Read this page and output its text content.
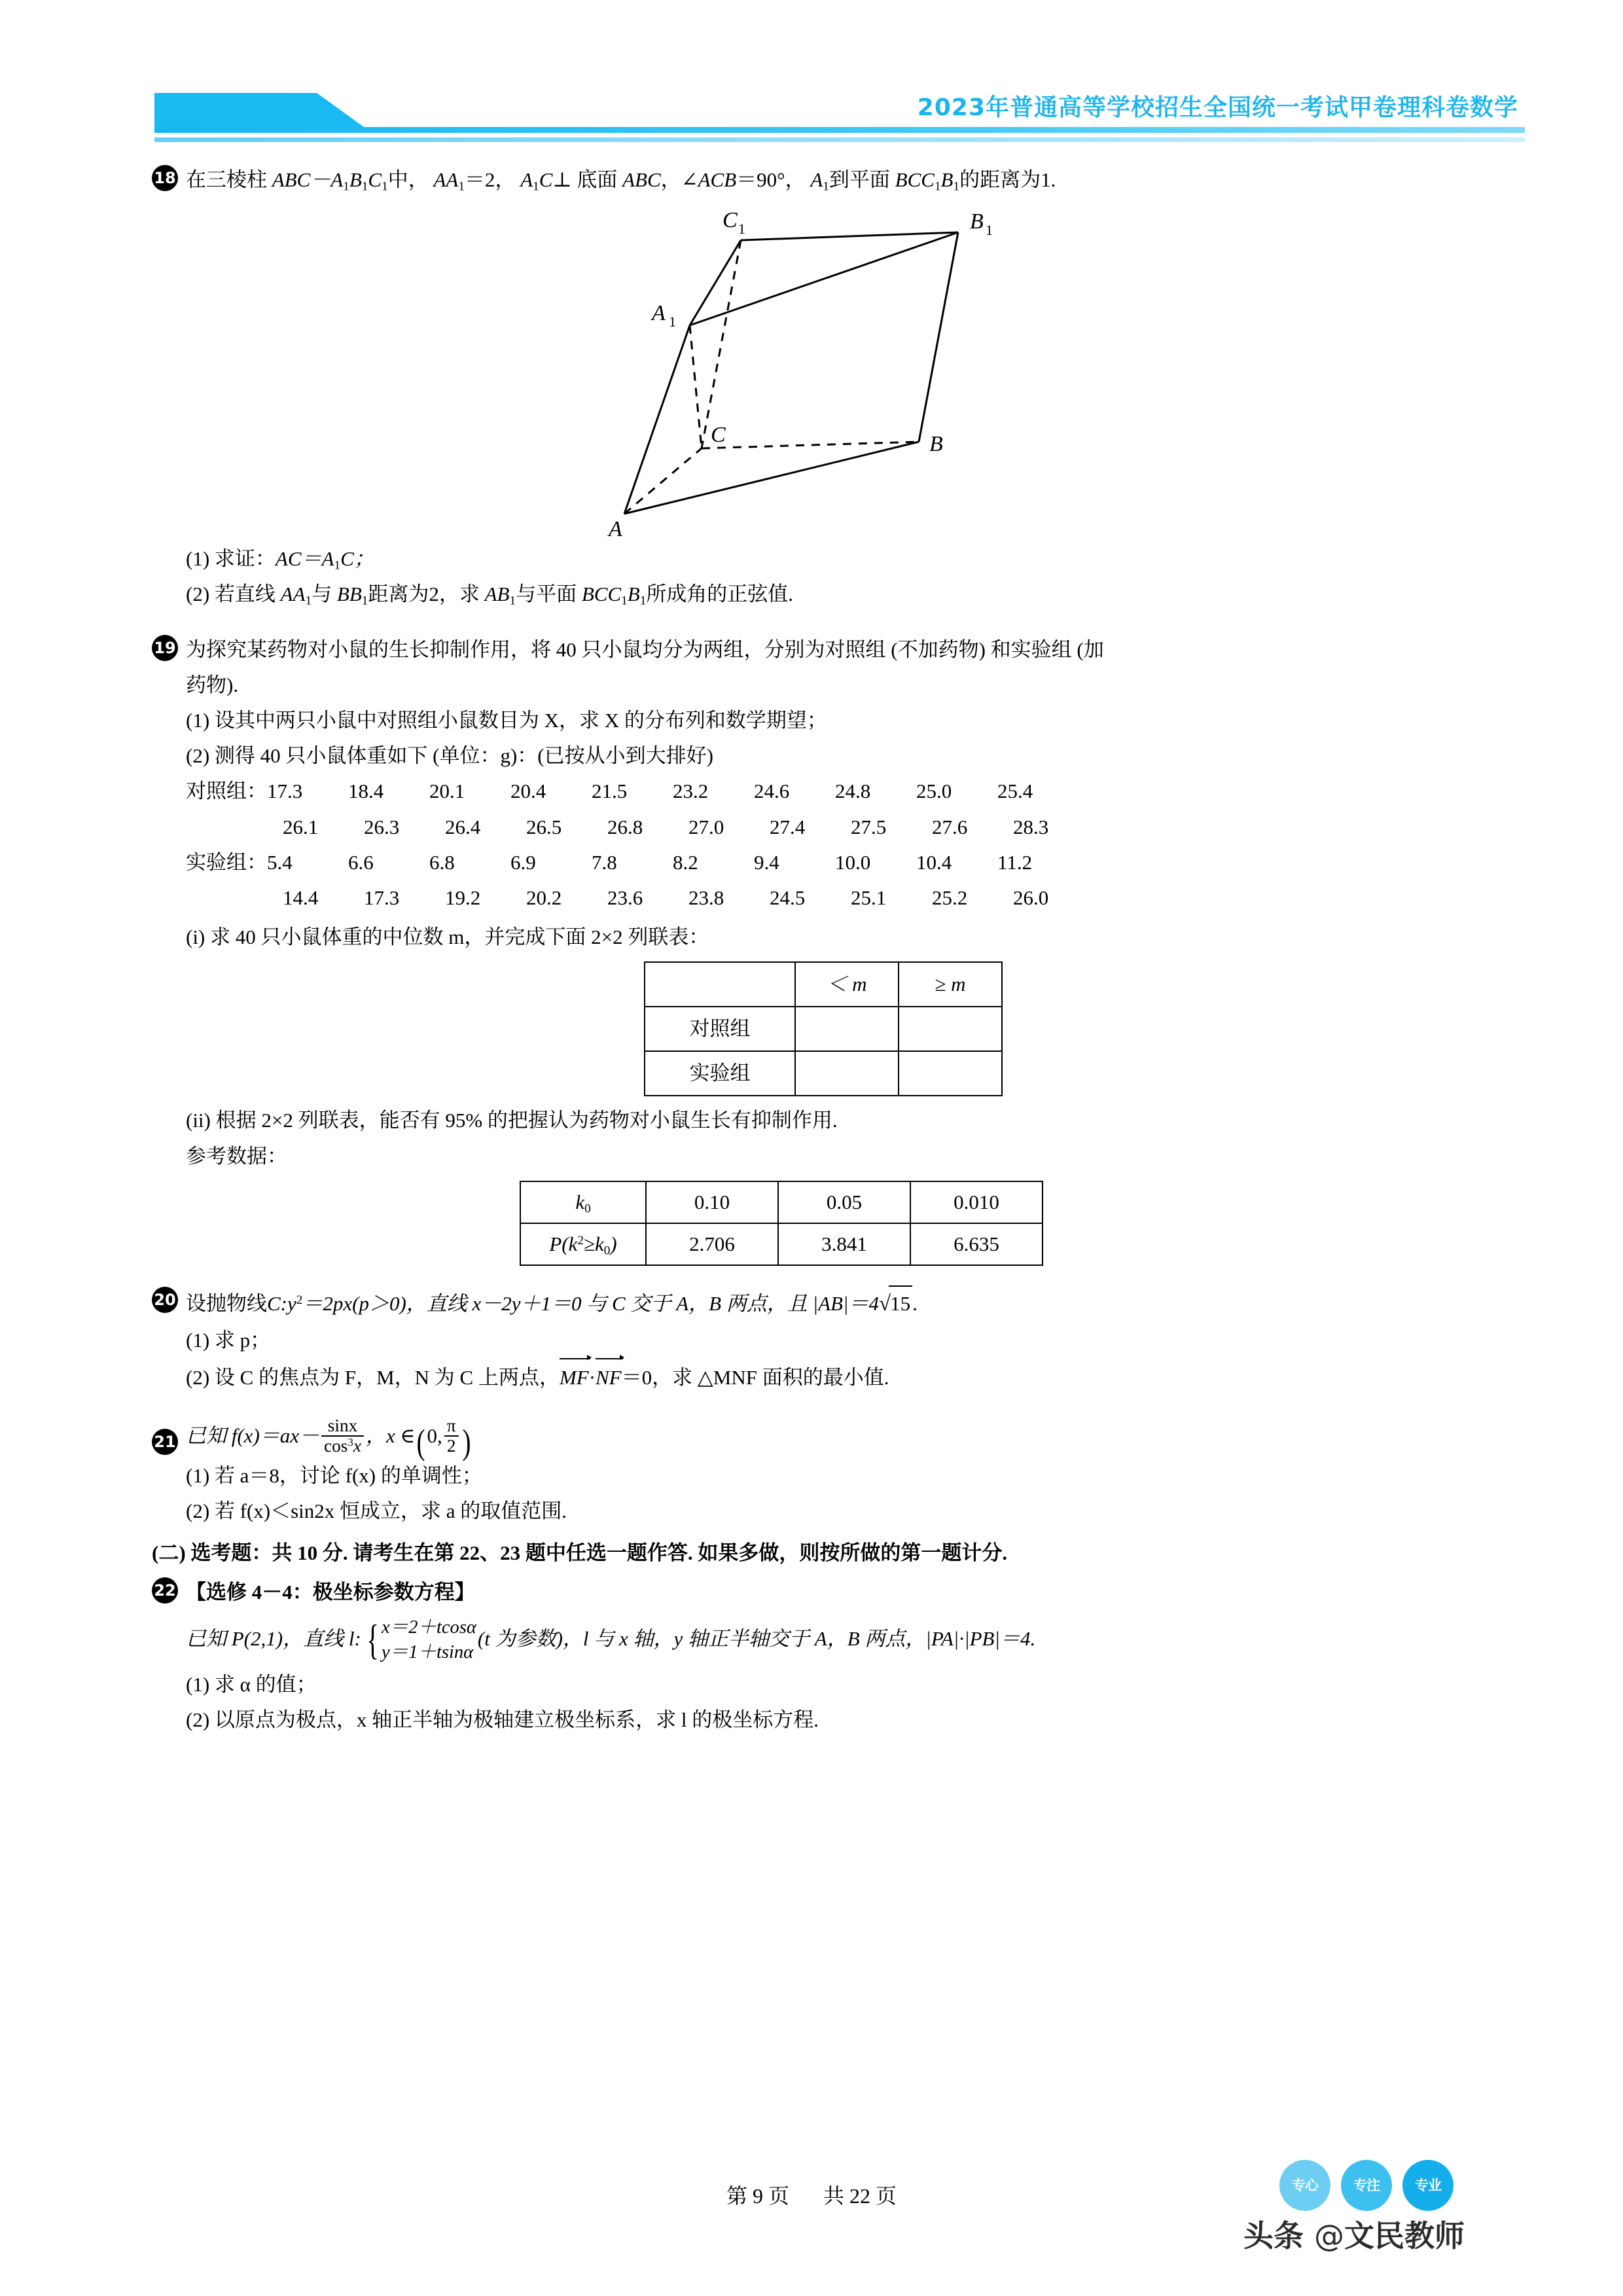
2023年普通高等学校招生全国统一考试甲卷理科卷数学
18 在三棱柱 $ABC-A_1B_1C_1$中， $AA_1=2$， $A_1C\perp$ 底面 ABC，∠ACB＝90°， $A_1$到平面 $BCC_1B_1$的距离为1.
C 1	B 1
A 1
C	B
A
(1) 求证：$AC=A_1C$；
(2) 若直线 $AA_1$与 $BB_1$距离为2，求 $AB_1$与平面 $BCC_1B_1$所成角的正弦值.
19 为探究某药物对小鼠的生长抑制作用，将 40 只小鼠均分为两组，分别为对照组 (不加药物) 和实验组 (加
药物).
(1) 设其中两只小鼠中对照组小鼠数目为 X，求 X 的分布列和数学期望；
(2) 测得 40 只小鼠体重如下 (单位：g)：(已按从小到大排好)
对照组：17.3 18.4 20.1 20.4 21.5 23.2 24.6 24.8 25.0 25.4
26.1 26.3 26.4 26.5 26.8 27.0 27.4 27.5 27.6 28.3
实验组：5.4	6.6	6.8	6.9	7.8	8.2	9.4	10.0 10.4 11.2
14.4 17.3 19.2 20.2 23.6 23.8 24.5 25.1 25.2 26.0
(i) 求 40 只小鼠体重的中位数 m，并完成下面 2×2 列联表：
	＜ m	≥ m
对照组		
实验组		
(ii) 根据 2×2 列联表，能否有 95% 的把握认为药物对小鼠生长有抑制作用.
参考数据：
$k_0$	0.10	0.05	0.010
$P(k^2\ge k_0)$	2.706	3.841	6.635
20 设抛物线$C:y^2=2px(p>0)$，直线 x－2y＋1＝0 与 C 交于 A，B 两点，且 |AB|＝4√15.
(1) 求 p；
(2) 设 C 的焦点为 F，M，N 为 C 上两点，MF·NF＝0，求 △MNF 面积的最小值.
21 已知 $f(x)=ax- \frac{\sin x}{\cos^3x}$ ，x ∈(0, $\frac{\pi}{2}$ )
(1) 若 a＝8，讨论 f(x) 的单调性；
(2) 若 f(x)＜sin2x 恒成立，求 a 的取值范围.
(二) 选考题：共 10 分. 请考生在第 22、23 题中任选一题作答. 如果多做，则按所做的第一题计分.
22 【选修 4－4：极坐标参数方程】
已知 P(2,1)，直线 l: { x＝2＋tcosα
y＝1＋tsinα
(t 为参数)，l 与 x 轴，y 轴正半轴交于 A，B 两点，|PA|·|PB|＝4.
(1) 求 α 的值；
(2) 以原点为极点，x 轴正半轴为极轴建立极坐标系，求 l 的极坐标方程.
第 9 页 共 22 页	专心	专注	专业
头条 @文民教师
